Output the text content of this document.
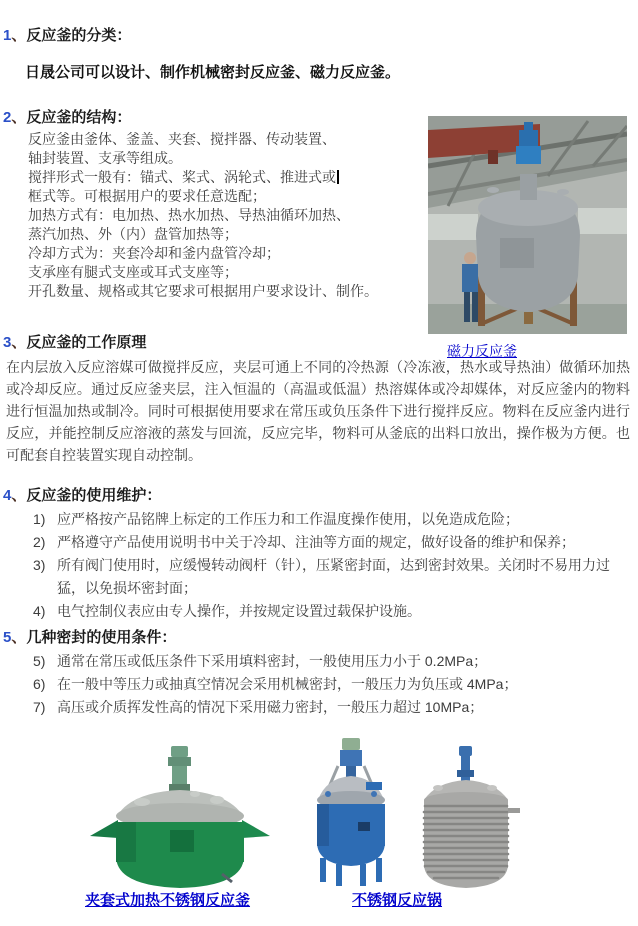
1、反应釜的分类：
日晟公司可以设计、制作机械密封反应釜、磁力反应釜。
2、反应釜的结构：
反应釜由釜体、釜盖、夹套、搅拌器、传动装置、
轴封装置、支承等组成。
搅拌形式一般有：锚式、桨式、涡轮式、推进式或
框式等。可根据用户的要求任意选配；
加热方式有：电加热、热水加热、导热油循环加热、
蒸汽加热、外（内）盘管加热等；
冷却方式为：夹套冷却和釜内盘管冷却；
支承座有腿式支座或耳式支座等；
开孔数量、规格或其它要求可根据用户要求设计、制作。
3、反应釜的工作原理
在内层放入反应溶媒可做搅拌反应，夹层可通上不同的冷热源（冷冻液，热水或导热油）做循环加热或冷却反应。通过反应釜夹层，注入恒温的（高温或低温）热溶媒体或冷却媒体，对反应釜内的物料进行恒温加热或制冷。同时可根据使用要求在常压或负压条件下进行搅拌反应。物料在反应釜内进行反应，并能控制反应溶液的蒸发与回流，反应完毕，物料可从釜底的出料口放出，操作极为方便。也可配套自控装置实现自动控制。
4、反应釜的使用维护：
1) 应严格按产品铭牌上标定的工作压力和工作温度操作使用，以免造成危险；
2) 严格遵守产品使用说明书中关于冷却、注油等方面的规定，做好设备的维护和保养；
3) 所有阀门使用时，应缓慢转动阀杆（针），压紧密封面，达到密封效果。关闭时不易用力过猛，以免损坏密封面；
4) 电气控制仪表应由专人操作，并按规定设置过载保护设施。
5、几种密封的使用条件：
5) 通常在常压或低压条件下采用填料密封，一般使用压力小于 0.2MPa；
6) 在一般中等压力或抽真空情况会采用机械密封，一般压力为负压或 4MPa；
7) 高压或介质挥发性高的情况下采用磁力密封，一般压力超过 10MPa；
磁力反应釜
夹套式加热不锈钢反应釜	不锈钢反应锅
